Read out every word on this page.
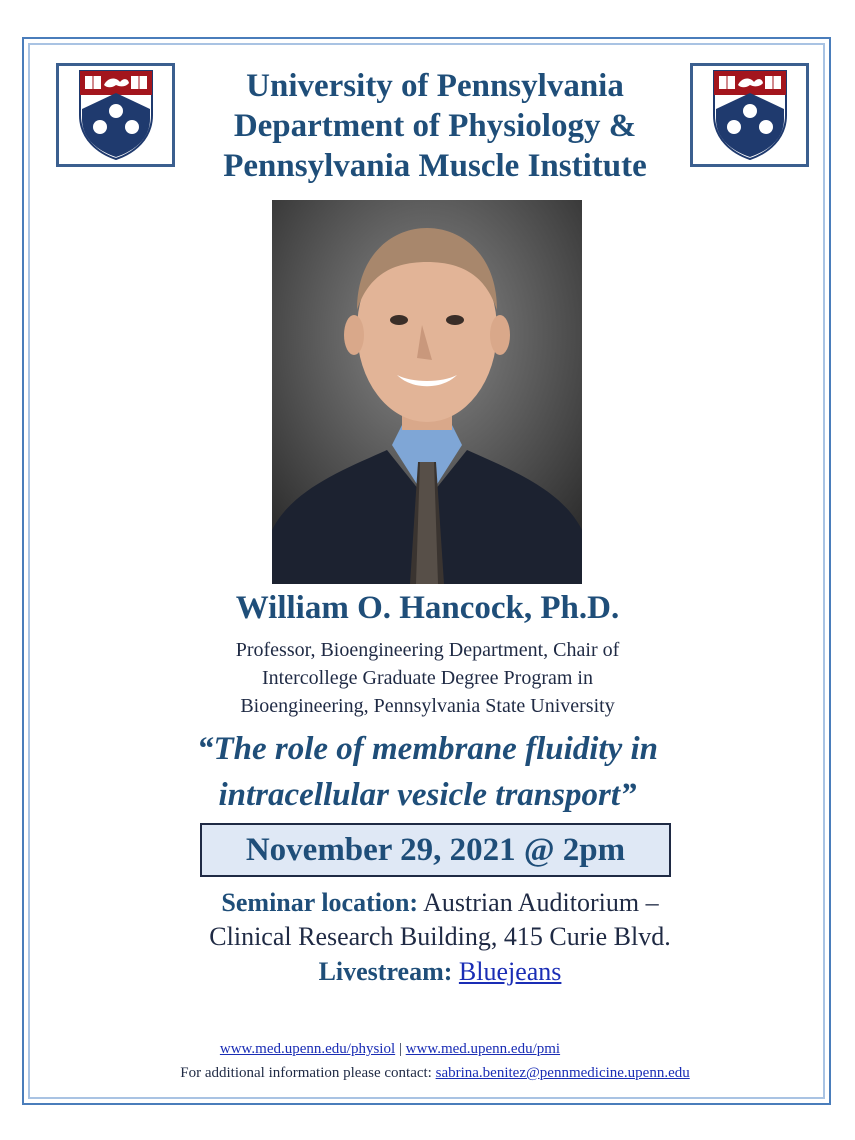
University of Pennsylvania
Department of Physiology &
Pennsylvania Muscle Institute
William O. Hancock, Ph.D.
Professor, Bioengineering Department, Chair of
Intercollege Graduate Degree Program in
Bioengineering, Pennsylvania State University
“The role of membrane fluidity in
intracellular vesicle transport”
November 29, 2021 @ 2pm
Seminar location: Austrian Auditorium –
Clinical Research Building, 415 Curie Blvd.
Livestream: Bluejeans
www.med.upenn.edu/physiol | www.med.upenn.edu/pmi
For additional information please contact: sabrina.benitez@pennmedicine.upenn.edu
